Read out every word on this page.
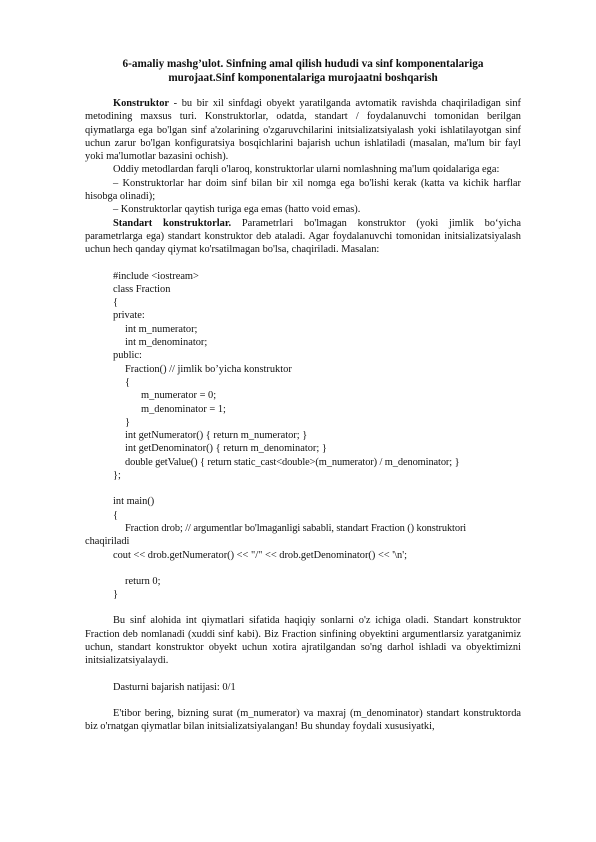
6-amaliy mashg’ulot. Sinfning amal qilish hududi va sinf komponentalariga
murojaat.Sinf komponentalariga murojaatni boshqarish

Konstruktor - bu bir xil sinfdagi obyekt yaratilganda avtomatik ravishda chaqiriladigan sinf metodining maxsus turi. Konstruktorlar, odatda, standart / foydalanuvchi tomonidan berilgan qiymatlarga ega bo'lgan sinf a'zolarining o'zgaruvchilarini initsializatsiyalash yoki ishlatilayotgan sinf uchun zarur bo'lgan konfiguratsiya bosqichlarini bajarish uchun ishlatiladi (masalan, ma'lum bir fayl yoki ma'lumotlar bazasini ochish).

Oddiy metodlardan farqli o'laroq, konstruktorlar ularni nomlashning ma'lum qoidalariga ega:

– Konstruktorlar har doim sinf bilan bir xil nomga ega bo'lishi kerak (katta va kichik harflar hisobga olinadi);

– Konstruktorlar qaytish turiga ega emas (hatto void emas).

Standart konstruktorlar. Parametrlari bo'lmagan konstruktor (yoki jimlik bo‘yicha parametrlarga ega) standart konstruktor deb ataladi. Agar foydalanuvchi tomonidan initsializatsiyalash uchun hech qanday qiymat ko'rsatilmagan bo'lsa, chaqiriladi. Masalan:

#include <iostream>
class Fraction
{
private:
int m_numerator;
int m_denominator;
public:
Fraction() // jimlik bo’yicha konstruktor
{
m_numerator = 0;
m_denominator = 1;
}
int getNumerator() { return m_numerator; }
int getDenominator() { return m_denominator; }
double getValue() { return static_cast<double>(m_numerator) / m_denominator; }
};
int main()
{
Fraction drob; // argumentlar bo'lmaganligi sababli, standart Fraction () konstruktori
chaqiriladi
cout << drob.getNumerator() << "/" << drob.getDenominator() << '\n';
return 0;
}

Bu sinf alohida int qiymatlari sifatida haqiqiy sonlarni o'z ichiga oladi. Standart konstruktor Fraction deb nomlanadi (xuddi sinf kabi). Biz Fraction sinfining obyektini argumentlarsiz yaratganimiz uchun, standart konstruktor obyekt uchun xotira ajratilgandan so'ng darhol ishladi va obyektimizni initsializatsiyalaydi.

Dasturni bajarish natijasi: 0/1

E'tibor bering, bizning surat (m_numerator) va maxraj (m_denominator) standart konstruktorda biz o'rnatgan qiymatlar bilan initsializatsiyalangan! Bu shunday foydali xususiyatki,
